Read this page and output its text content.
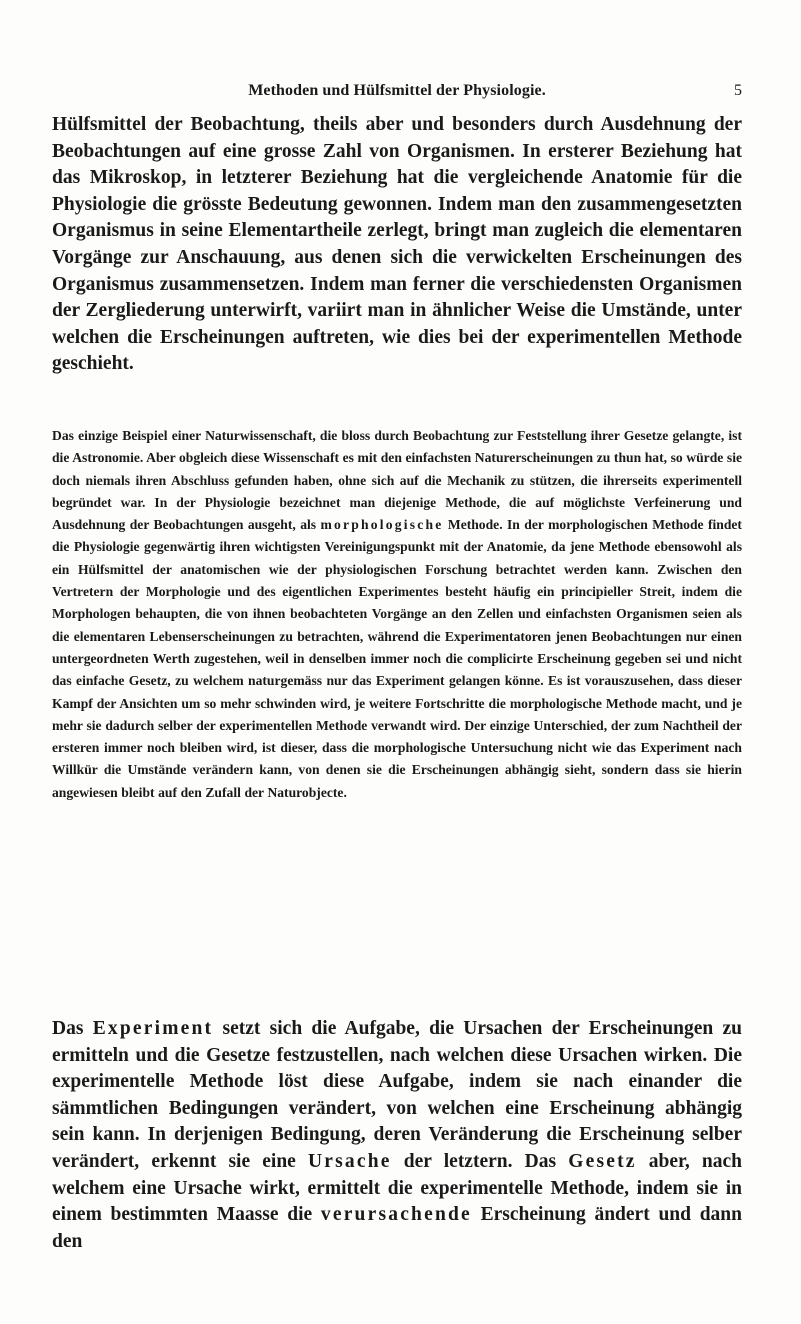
Methoden und Hülfsmittel der Physiologie.	5

Hülfsmittel der Beobachtung, theils aber und besonders durch Ausdehnung der Beobachtungen auf eine grosse Zahl von Organismen. In ersterer Beziehung hat das Mikroskop, in letzterer Beziehung hat die vergleichende Anatomie für die Physiologie die grösste Bedeutung gewonnen. Indem man den zusammengesetzten Organismus in seine Elementartheile zerlegt, bringt man zugleich die elementaren Vorgänge zur Anschauung, aus denen sich die verwickelten Erscheinungen des Organismus zusammensetzen. Indem man ferner die verschiedensten Organismen der Zergliederung unterwirft, variirt man in ähnlicher Weise die Umstände, unter welchen die Erscheinungen auftreten, wie dies bei der experimentellen Methode geschieht.

Das einzige Beispiel einer Naturwissenschaft, die bloss durch Beobachtung zur Feststellung ihrer Gesetze gelangte, ist die Astronomie. Aber obgleich diese Wissenschaft es mit den einfachsten Naturerscheinungen zu thun hat, so würde sie doch niemals ihren Abschluss gefunden haben, ohne sich auf die Mechanik zu stützen, die ihrerseits experimentell begründet war. In der Physiologie bezeichnet man diejenige Methode, die auf möglichste Verfeinerung und Ausdehnung der Beobachtungen ausgeht, als morphologische Methode. In der morphologischen Methode findet die Physiologie gegenwärtig ihren wichtigsten Vereinigungspunkt mit der Anatomie, da jene Methode ebensowohl als ein Hülfsmittel der anatomischen wie der physiologischen Forschung betrachtet werden kann. Zwischen den Vertretern der Morphologie und des eigentlichen Experimentes besteht häufig ein principieller Streit, indem die Morphologen behaupten, die von ihnen beobachteten Vorgänge an den Zellen und einfachsten Organismen seien als die elementaren Lebenserscheinungen zu betrachten, während die Experimentatoren jenen Beobachtungen nur einen untergeordneten Werth zugestehen, weil in denselben immer noch die complicirte Erscheinung gegeben sei und nicht das einfache Gesetz, zu welchem naturgemäss nur das Experiment gelangen könne. Es ist vorauszusehen, dass dieser Kampf der Ansichten um so mehr schwinden wird, je weitere Fortschritte die morphologische Methode macht, und je mehr sie dadurch selber der experimentellen Methode verwandt wird. Der einzige Unterschied, der zum Nachtheil der ersteren immer noch bleiben wird, ist dieser, dass die morphologische Untersuchung nicht wie das Experiment nach Willkür die Umstände verändern kann, von denen sie die Erscheinungen abhängig sieht, sondern dass sie hierin angewiesen bleibt auf den Zufall der Naturobjecte.

Das Experiment setzt sich die Aufgabe, die Ursachen der Erscheinungen zu ermitteln und die Gesetze festzustellen, nach welchen diese Ursachen wirken. Die experimentelle Methode löst diese Aufgabe, indem sie nach einander die sämmtlichen Bedingungen verändert, von welchen eine Erscheinung abhängig sein kann. In derjenigen Bedingung, deren Veränderung die Erscheinung selber verändert, erkennt sie eine Ursache der letztern. Das Gesetz aber, nach welchem eine Ursache wirkt, ermittelt die experimentelle Methode, indem sie in einem bestimmten Maasse die verursachende Erscheinung ändert und dann den
